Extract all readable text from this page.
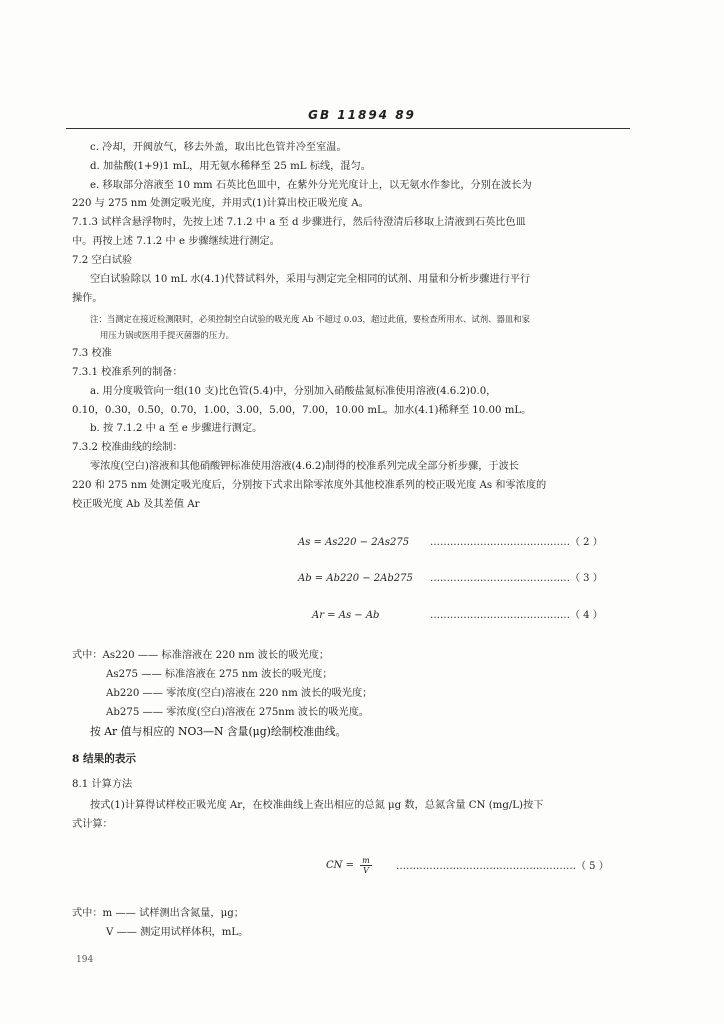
GB 11894 89
c. 冷却，开阀放气，移去外盖，取出比色管并冷至室温。
d. 加盐酸(1+9)1 mL，用无氨水稀释至 25 mL 标线，混匀。
e. 移取部分溶液至 10 mm 石英比色皿中，在紫外分光光度计上，以无氨水作参比，分别在波长为
220 与 275 nm 处测定吸光度，并用式(1)计算出校正吸光度 A。
7.1.3 试样含悬浮物时，先按上述 7.1.2 中 a 至 d 步骤进行，然后待澄清后移取上清液到石英比色皿
中。再按上述 7.1.2 中 e 步骤继续进行测定。
7.2 空白试验
空白试验除以 10 mL 水(4.1)代替试料外，采用与测定完全相同的试剂、用量和分析步骤进行平行
操作。
注：当测定在接近检测限时，必须控制空白试验的吸光度 Ab 不超过 0.03，超过此值，要检查所用水、试剂、器皿和家
用压力锅或医用手提灭菌器的压力。
7.3 校准
7.3.1 校准系列的制备：
a. 用分度吸管向一组(10 支)比色管(5.4)中，分别加入硝酸盐氮标准使用溶液(4.6.2)0.0，
0.10，0.30，0.50，0.70，1.00，3.00，5.00，7.00，10.00 mL。加水(4.1)稀释至 10.00 mL。
b. 按 7.1.2 中 a 至 e 步骤进行测定。
7.3.2 校准曲线的绘制：
零浓度(空白)溶液和其他硝酸钾标准使用溶液(4.6.2)制得的校准系列完成全部分析步骤，于波长
220 和 275 nm 处测定吸光度后，分别按下式求出除零浓度外其他校准系列的校正吸光度 As 和零浓度的
校正吸光度 Ab 及其差值 Ar
As = As220 − 2As275 ……………………………………（ 2 ）
Ab = Ab220 − 2Ab275 ……………………………………（ 3 ）
Ar = As − Ab	……………………………………（ 4 ）
式中：As220 —— 标准溶液在 220 nm 波长的吸光度；
As275 —— 标准溶液在 275 nm 波长的吸光度；
Ab220 —— 零浓度(空白)溶液在 220 nm 波长的吸光度；
Ab275 —— 零浓度(空白)溶液在 275nm 波长的吸光度。
按 Ar 值与相应的 NO3—N 含量(μg)绘制校准曲线。
8 结果的表示
8.1 计算方法
按式(1)计算得试样校正吸光度 Ar，在校准曲线上查出相应的总氮 μg 数，总氮含量 CN (mg/L)按下
式计算：
CN = $\frac{m}{V}$ ………………………………………………（ 5 ）
式中：m —— 试样测出含氮量，μg；
V —— 测定用试样体积，mL。
194
